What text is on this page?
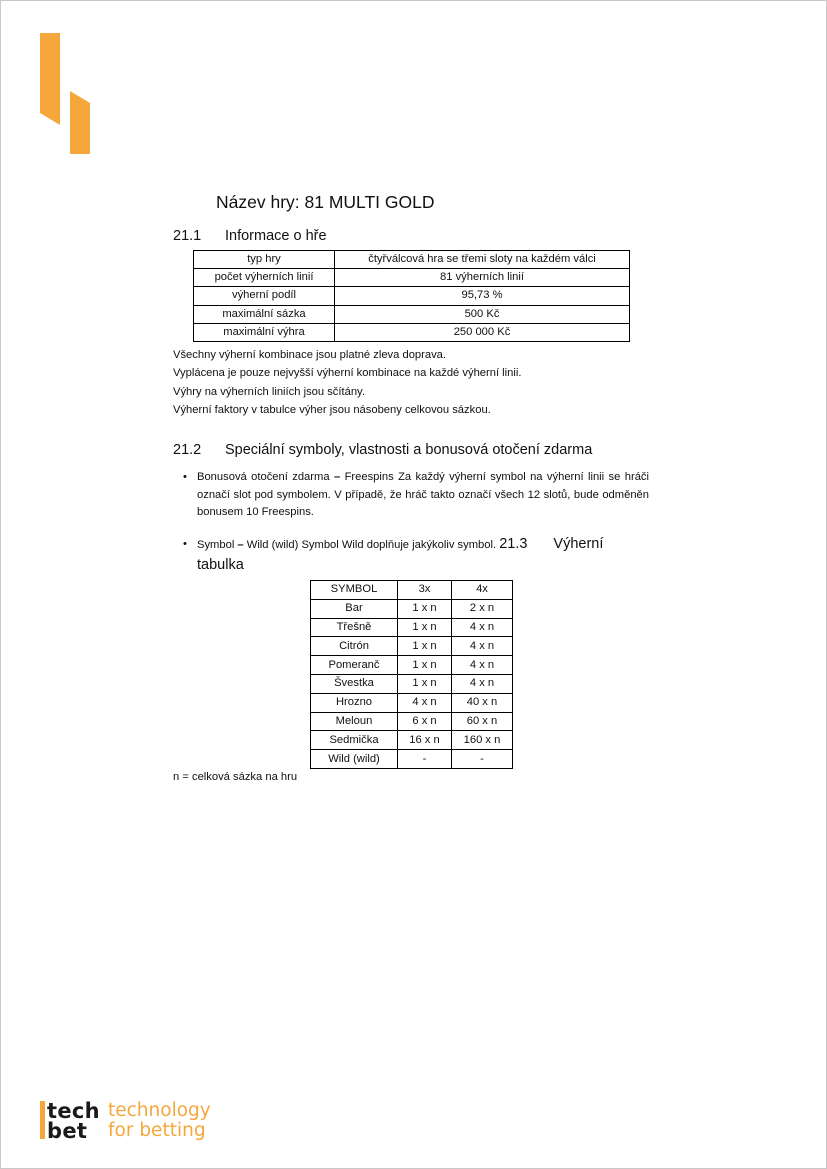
Název hry: 81 MULTI GOLD
21.1 Informace o hře
typ hry	čtyřválcová hra se třemi sloty na každém válci
počet výherních linií	81 výherních linií
výherní podíl	95,73 %
maximální sázka	500 Kč
maximální výhra	250 000 Kč
Všechny výherní kombinace jsou platné zleva doprava.
Vyplácena je pouze nejvyšší výherní kombinace na každé výherní linii.
Výhry na výherních liniích jsou sčítány.
Výherní faktory v tabulce výher jsou násobeny celkovou sázkou.
21.2 Speciální symboly, vlastnosti a bonusová otočení zdarma
• Bonusová otočení zdarma – Freespins Za každý výherní symbol na výherní linii se hráči označí slot pod symbolem. V případě, že hráč takto označí všech 12 slotů, bude odměněn bonusem 10 Freespins.
• Symbol – Wild (wild) Symbol Wild doplňuje jakýkoliv symbol. 21.3 Výherní
tabulka
SYMBOL	3x	4x
Bar	1 x n	2 x n
Třešně	1 x n	4 x n
Citrón	1 x n	4 x n
Pomeranč	1 x n	4 x n
Švestka	1 x n	4 x n
Hrozno	4 x n	40 x n
Meloun	6 x n	60 x n
Sedmička	16 x n	160 x n
Wild (wild)	-	-
n = celková sázka na hru
tech
bet
technology
for betting
